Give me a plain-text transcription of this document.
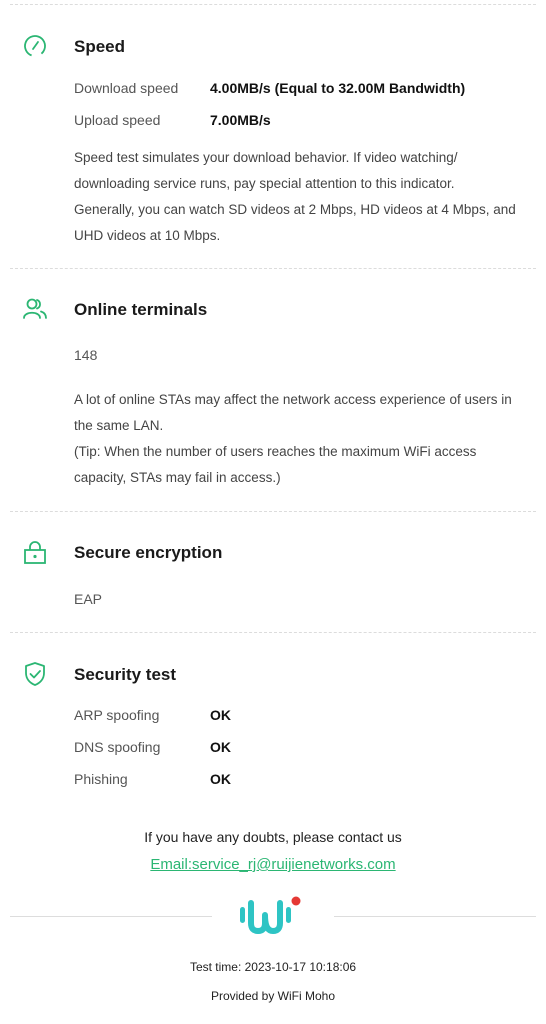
Speed
Download speed 4.00MB/s (Equal to 32.00M Bandwidth)
Upload speed	7.00MB/s
Speed test simulates your download behavior. If video watching/ downloading service runs, pay special attention to this indicator. Generally, you can watch SD videos at 2 Mbps, HD videos at 4 Mbps, and UHD videos at 10 Mbps.
Online terminals
148
A lot of online STAs may affect the network access experience of users in the same LAN.
(Tip: When the number of users reaches the maximum WiFi access capacity, STAs may fail in access.)
Secure encryption
EAP
Security test
ARP spoofing	OK
DNS spoofing	OK
Phishing	OK
If you have any doubts, please contact us
Email:service_rj@ruijienetworks.com
Test time: 2023-10-17 10:18:06
Provided by WiFi Moho
